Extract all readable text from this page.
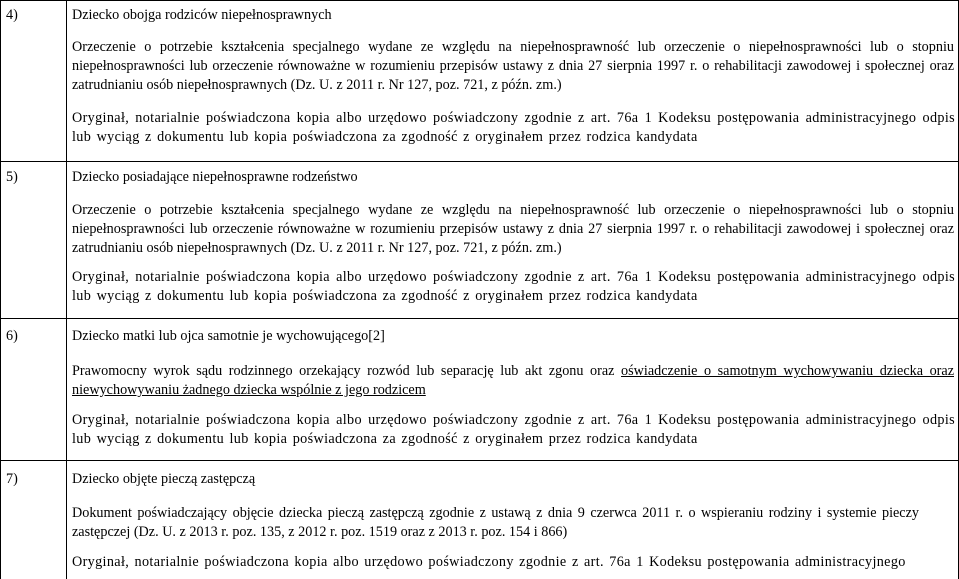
4)	Dziecko obojga rodziców niepełnosprawnych
Orzeczenie o potrzebie kształcenia specjalnego wydane ze względu na niepełnosprawność lub orzeczenie o niepełnosprawności lub o stopniu niepełnosprawności lub orzeczenie równoważne w rozumieniu przepisów ustawy z dnia 27 sierpnia 1997 r. o rehabilitacji zawodowej i społecznej oraz zatrudnianiu osób niepełnosprawnych (Dz. U. z 2011 r. Nr 127, poz. 721, z późn. zm.)
Oryginał, notarialnie poświadczona kopia albo urzędowo poświadczony zgodnie z art. 76a 1 Kodeksu postępowania administracyjnego odpis lub wyciąg z dokumentu lub kopia poświadczona za zgodność z oryginałem przez rodzica kandydata
5)	Dziecko posiadające niepełnosprawne rodzeństwo
Orzeczenie o potrzebie kształcenia specjalnego wydane ze względu na niepełnosprawność lub orzeczenie o niepełnosprawności lub o stopniu niepełnosprawności lub orzeczenie równoważne w rozumieniu przepisów ustawy z dnia 27 sierpnia 1997 r. o rehabilitacji zawodowej i społecznej oraz zatrudnianiu osób niepełnosprawnych (Dz. U. z 2011 r. Nr 127, poz. 721, z późn. zm.)
Oryginał, notarialnie poświadczona kopia albo urzędowo poświadczony zgodnie z art. 76a 1 Kodeksu postępowania administracyjnego odpis lub wyciąg z dokumentu lub kopia poświadczona za zgodność z oryginałem przez rodzica kandydata
6)	Dziecko matki lub ojca samotnie je wychowującego[2]
Prawomocny wyrok sądu rodzinnego orzekający rozwód lub separację lub akt zgonu oraz oświadczenie o samotnym wychowywaniu dziecka oraz niewychowywaniu żadnego dziecka wspólnie z jego rodzicem
Oryginał, notarialnie poświadczona kopia albo urzędowo poświadczony zgodnie z art. 76a 1 Kodeksu postępowania administracyjnego odpis lub wyciąg z dokumentu lub kopia poświadczona za zgodność z oryginałem przez rodzica kandydata
7)	Dziecko objęte pieczą zastępczą
Dokument poświadczający objęcie dziecka pieczą zastępczą zgodnie z ustawą z dnia 9 czerwca 2011 r. o wspieraniu rodziny i systemie pieczy zastępczej (Dz. U. z 2013 r. poz. 135, z 2012 r. poz. 1519 oraz z 2013 r. poz. 154 i 866)
Oryginał, notarialnie poświadczona kopia albo urzędowo poświadczony zgodnie z art. 76a 1 Kodeksu postępowania administracyjnego
